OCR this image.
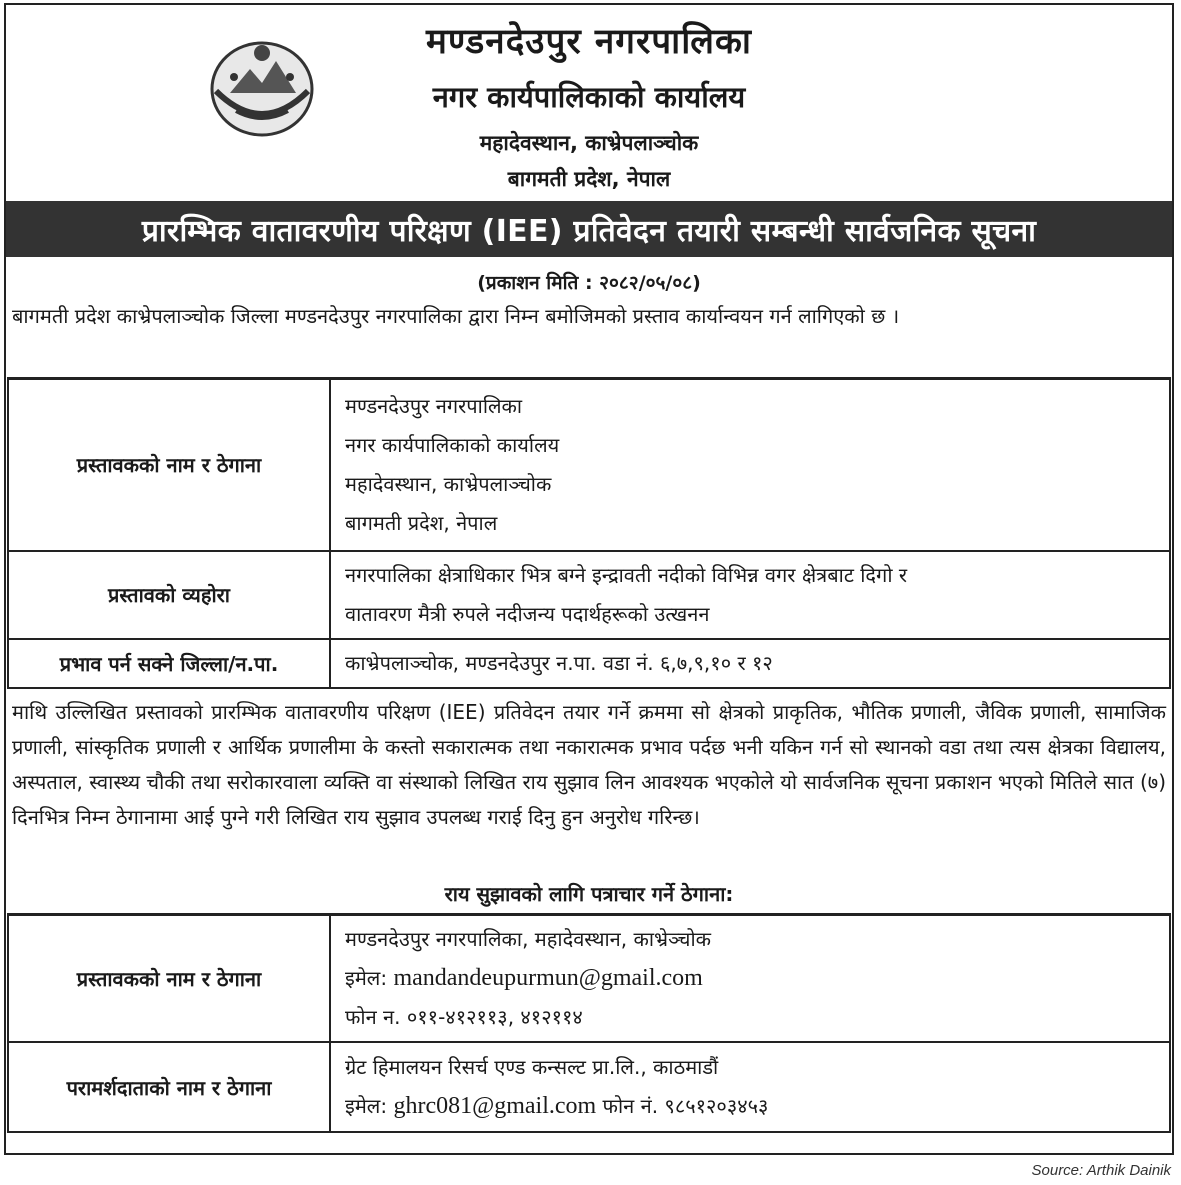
मण्डनदेउपुर नगरपालिका
नगर कार्यपालिकाको कार्यालय
महादेवस्थान, काभ्रेपलाञ्चोक
बागमती प्रदेश, नेपाल
प्रारम्भिक वातावरणीय परिक्षण (IEE) प्रतिवेदन तयारी सम्बन्धी सार्वजनिक सूचना
(प्रकाशन मिति : २०८२/०५/०८)
बागमती प्रदेश काभ्रेपलाञ्चोक जिल्ला मण्डनदेउपुर नगरपालिका द्वारा निम्न बमोजिमको प्रस्ताव कार्यान्वयन गर्न लागिएको छ ।
प्रस्तावकको नाम र ठेगाना	मण्डनदेउपुर नगरपालिका
नगर कार्यपालिकाको कार्यालय
महादेवस्थान, काभ्रेपलाञ्चोक
बागमती प्रदेश, नेपाल

प्रस्तावको व्यहोरा	नगरपालिका क्षेत्राधिकार भित्र बग्ने इन्द्रावती नदीको विभिन्न वगर क्षेत्रबाट दिगो र
वातावरण मैत्री रुपले नदीजन्य पदार्थहरूको उत्खनन

प्रभाव पर्न सक्ने जिल्ला/न.पा.	काभ्रेपलाञ्चोक, मण्डनदेउपुर न.पा. वडा नं. ६,७,९,१० र १२
माथि उल्लिखित प्रस्तावको प्रारम्भिक वातावरणीय परिक्षण (IEE) प्रतिवेदन तयार गर्ने क्रममा सो क्षेत्रको प्राकृतिक, भौतिक प्रणाली, जैविक प्रणाली, सामाजिक प्रणाली, सांस्कृतिक प्रणाली र आर्थिक प्रणालीमा के कस्तो सकारात्मक तथा नकारात्मक प्रभाव पर्दछ भनी यकिन गर्न सो स्थानको वडा तथा त्यस क्षेत्रका विद्यालय, अस्पताल, स्वास्थ्य चौकी तथा सरोकारवाला व्यक्ति वा संस्थाको लिखित राय सुझाव लिन आवश्यक भएकोले यो सार्वजनिक सूचना प्रकाशन भएको मितिले सात (७) दिनभित्र निम्न ठेगानामा आई पुग्ने गरी लिखित राय सुझाव उपलब्ध गराई दिनु हुन अनुरोध गरिन्छ।
राय सुझावको लागि पत्राचार गर्ने ठेगाना:
प्रस्तावकको नाम र ठेगाना	मण्डनदेउपुर नगरपालिका, महादेवस्थान, काभ्रेञ्चोक
इमेल: mandandeupurmun@gmail.com
फोन न. ०११-४१२११३, ४१२११४

परामर्शदाताको नाम र ठेगाना	ग्रेट हिमालयन रिसर्च एण्ड कन्सल्ट प्रा.लि., काठमाडौं
इमेल: ghrc081@gmail.com फोन नं. ९८५१२०३४५३
Source: Arthik Dainik
